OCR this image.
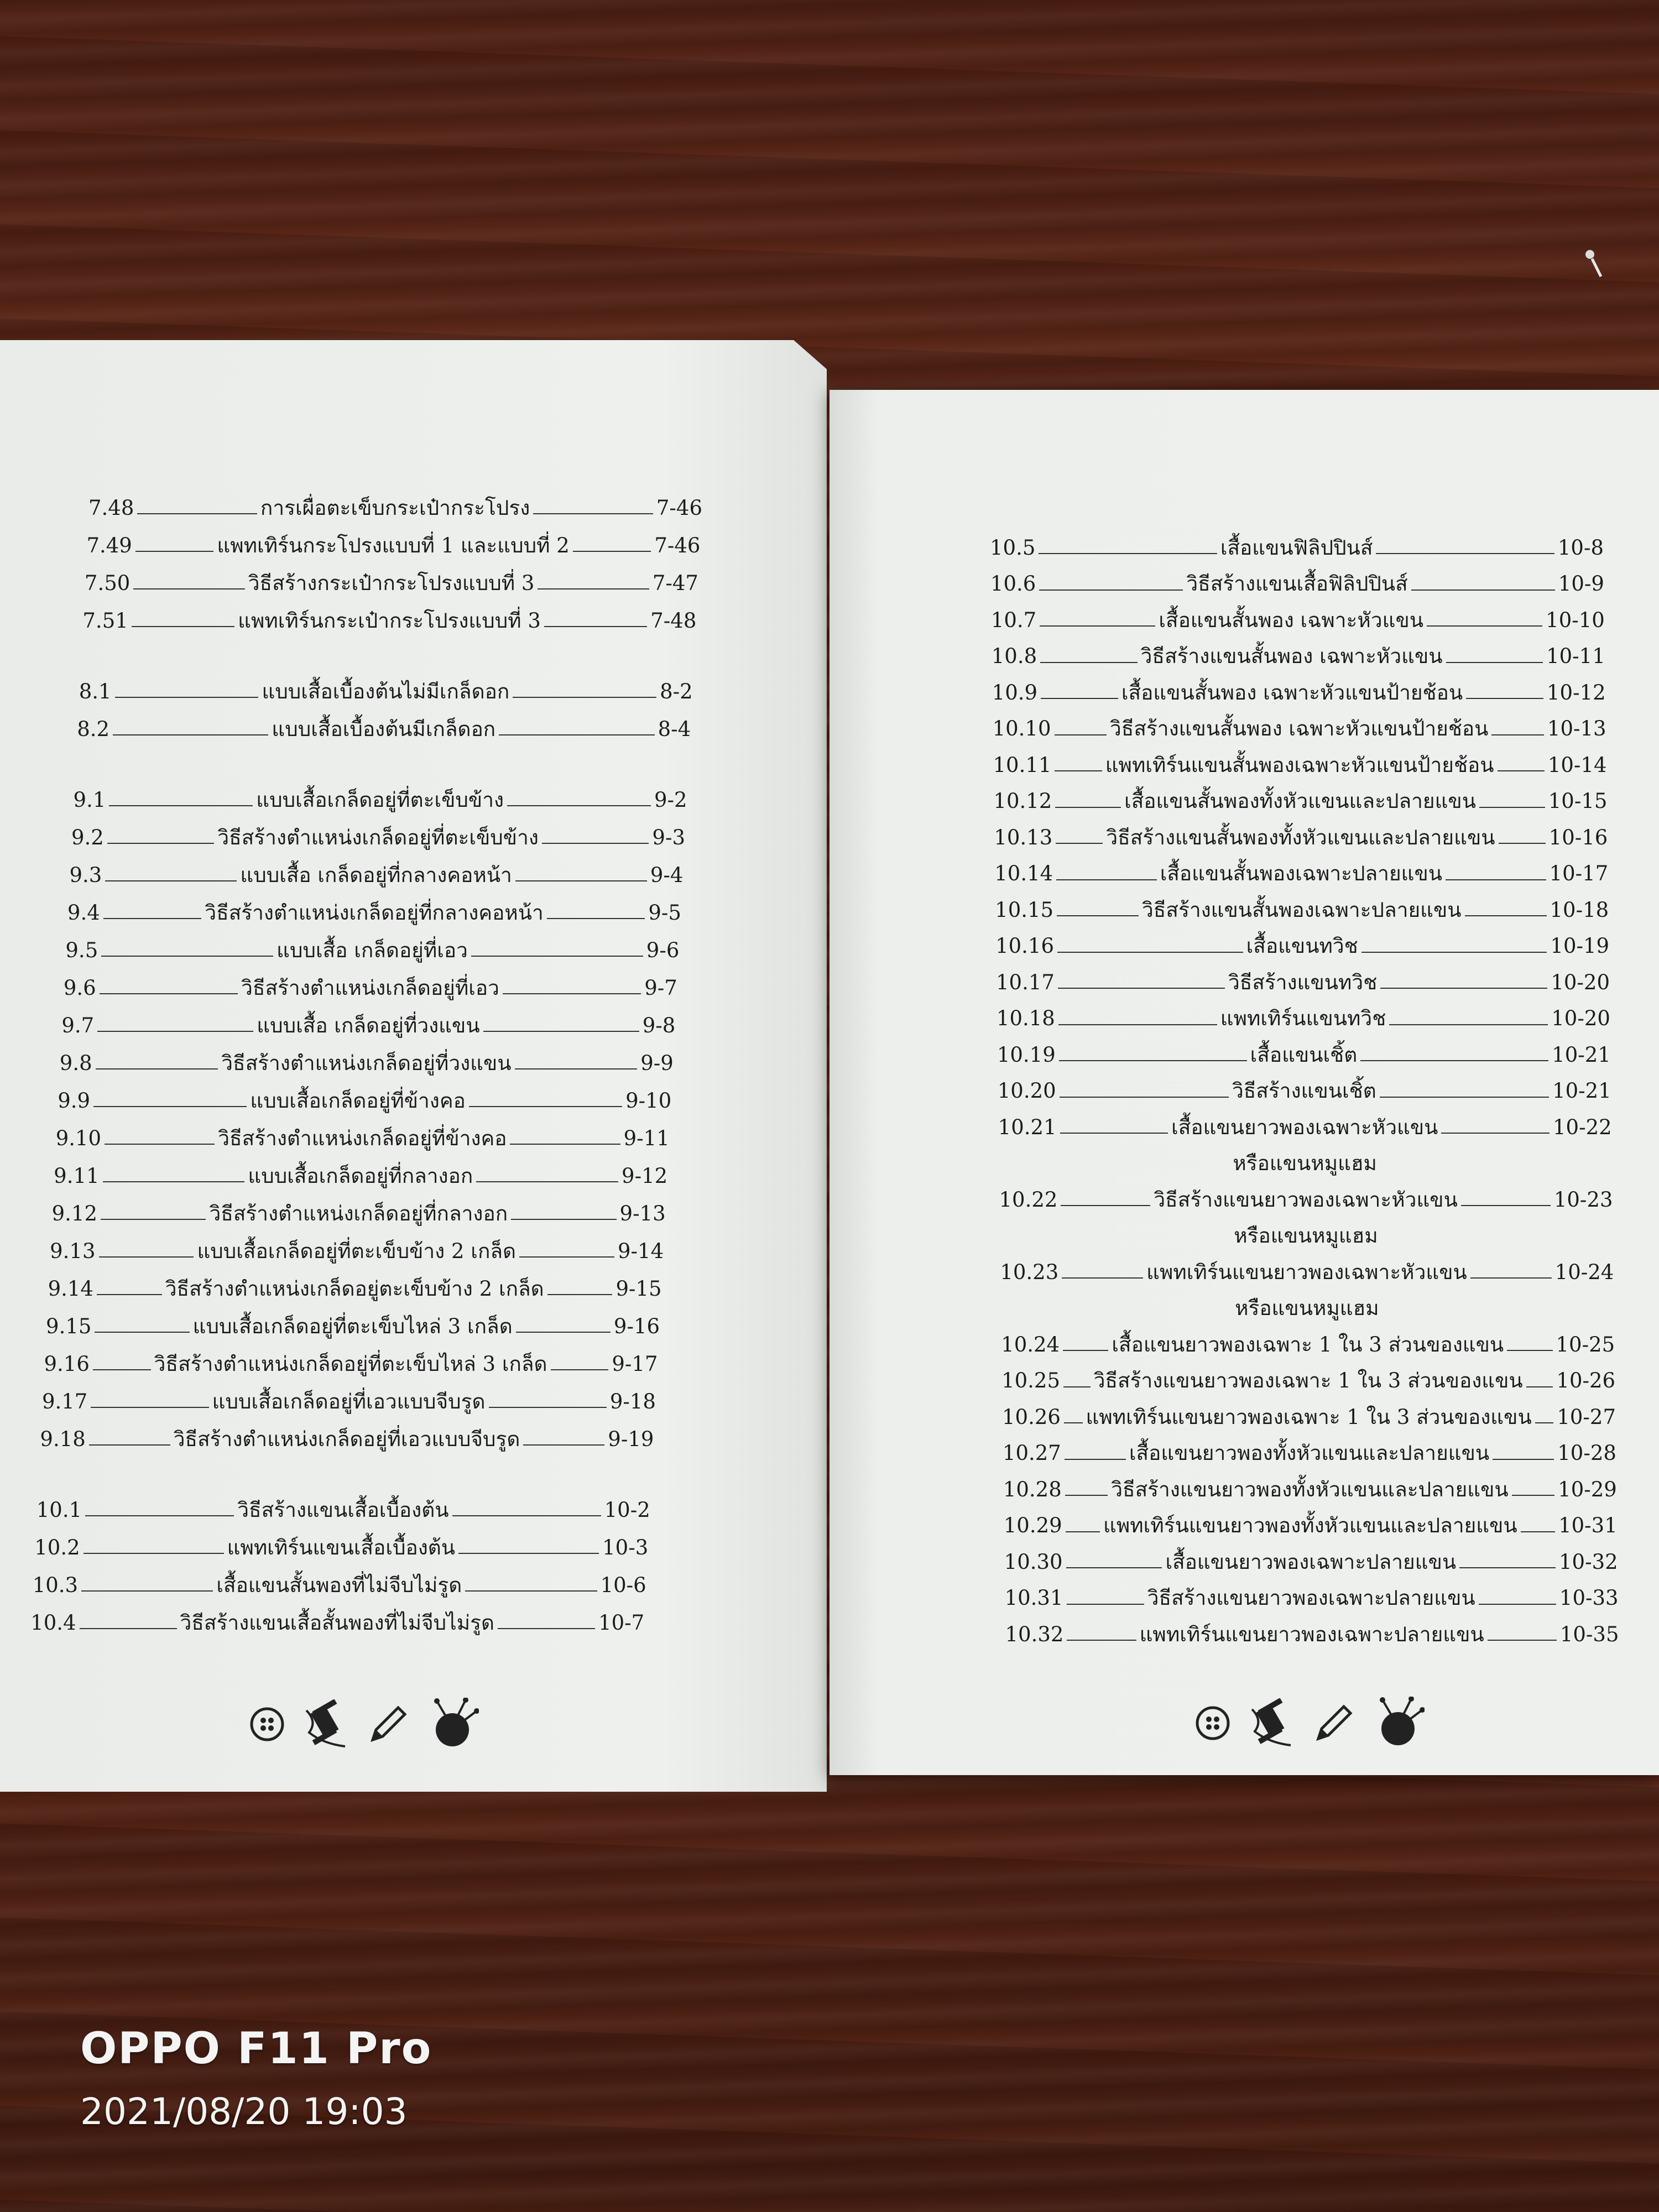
7.48	การเผื่อตะเข็บกระเป๋ากระโปรง	7-46
7.49	แพทเทิร์นกระโปรงแบบที่ 1 และแบบที่ 2	7-46
7.50	วิธีสร้างกระเป๋ากระโปรงแบบที่ 3	7-47
7.51	แพทเทิร์นกระเป๋ากระโปรงแบบที่ 3	7-48
8.1	แบบเสื้อเบื้องต้นไม่มีเกล็ดอก	8-2
8.2	แบบเสื้อเบื้องต้นมีเกล็ดอก	8-4
9.1	แบบเสื้อเกล็ดอยู่ที่ตะเข็บข้าง	9-2
9.2	วิธีสร้างตำแหน่งเกล็ดอยู่ที่ตะเข็บข้าง	9-3
9.3	แบบเสื้อ เกล็ดอยู่ที่กลางคอหน้า	9-4
9.4	วิธีสร้างตำแหน่งเกล็ดอยู่ที่กลางคอหน้า	9-5
9.5	แบบเสื้อ เกล็ดอยู่ที่เอว	9-6
9.6	วิธีสร้างตำแหน่งเกล็ดอยู่ที่เอว	9-7
9.7	แบบเสื้อ เกล็ดอยู่ที่วงแขน	9-8
9.8	วิธีสร้างตำแหน่งเกล็ดอยู่ที่วงแขน	9-9
9.9	แบบเสื้อเกล็ดอยู่ที่ข้างคอ	9-10
9.10	วิธีสร้างตำแหน่งเกล็ดอยู่ที่ข้างคอ	9-11
9.11	แบบเสื้อเกล็ดอยู่ที่กลางอก	9-12
9.12	วิธีสร้างตำแหน่งเกล็ดอยู่ที่กลางอก	9-13
9.13	แบบเสื้อเกล็ดอยู่ที่ตะเข็บข้าง 2 เกล็ด	9-14
9.14	วิธีสร้างตำแหน่งเกล็ดอยู่ตะเข็บข้าง 2 เกล็ด	9-15
9.15	แบบเสื้อเกล็ดอยู่ที่ตะเข็บไหล่ 3 เกล็ด	9-16
9.16	วิธีสร้างตำแหน่งเกล็ดอยู่ที่ตะเข็บไหล่ 3 เกล็ด	9-17
9.17	แบบเสื้อเกล็ดอยู่ที่เอวแบบจีบรูด	9-18
9.18	วิธีสร้างตำแหน่งเกล็ดอยู่ที่เอวแบบจีบรูด	9-19
10.1	วิธีสร้างแขนเสื้อเบื้องต้น	10-2
10.2	แพทเทิร์นแขนเสื้อเบื้องต้น	10-3
10.3	เสื้อแขนสั้นพองที่ไม่จีบไม่รูด	10-6
10.4	วิธีสร้างแขนเสื้อสั้นพองที่ไม่จีบไม่รูด	10-7
10.5	เสื้อแขนฟิลิปปินส์	10-8
10.6	วิธีสร้างแขนเสื้อฟิลิปปินส์	10-9
10.7	เสื้อแขนสั้นพอง เฉพาะหัวแขน	10-10
10.8	วิธีสร้างแขนสั้นพอง เฉพาะหัวแขน	10-11
10.9	เสื้อแขนสั้นพอง เฉพาะหัวแขนป้ายช้อน	10-12
10.10	วิธีสร้างแขนสั้นพอง เฉพาะหัวแขนป้ายช้อน	10-13
10.11	แพทเทิร์นแขนสั้นพองเฉพาะหัวแขนป้ายช้อน	10-14
10.12	เสื้อแขนสั้นพองทั้งหัวแขนและปลายแขน	10-15
10.13	วิธีสร้างแขนสั้นพองทั้งหัวแขนและปลายแขน	10-16
10.14	เสื้อแขนสั้นพองเฉพาะปลายแขน	10-17
10.15	วิธีสร้างแขนสั้นพองเฉพาะปลายแขน	10-18
10.16	เสื้อแขนทวิช	10-19
10.17	วิธีสร้างแขนทวิช	10-20
10.18	แพทเทิร์นแขนทวิช	10-20
10.19	เสื้อแขนเชิ้ต	10-21
10.20	วิธีสร้างแขนเชิ้ต	10-21
10.21	เสื้อแขนยาวพองเฉพาะหัวแขน	10-22
หรือแขนหมูแฮม
10.22	วิธีสร้างแขนยาวพองเฉพาะหัวแขน	10-23
หรือแขนหมูแฮม
10.23	แพทเทิร์นแขนยาวพองเฉพาะหัวแขน	10-24
หรือแขนหมูแฮม
10.24	เสื้อแขนยาวพองเฉพาะ 1 ใน 3 ส่วนของแขน	10-25
10.25 วิธีสร้างแขนยาวพองเฉพาะ 1 ใน 3 ส่วนของแขน 10-26
10.26 แพทเทิร์นแขนยาวพองเฉพาะ 1 ใน 3 ส่วนของแขน 10-27
10.27	เสื้อแขนยาวพองทั้งหัวแขนและปลายแขน	10-28
10.28 วิธีสร้างแขนยาวพองทั้งหัวแขนและปลายแขน 10-29
10.29 แพทเทิร์นแขนยาวพองทั้งหัวแขนและปลายแขน 10-31
10.30	เสื้อแขนยาวพองเฉพาะปลายแขน	10-32
10.31	วิธีสร้างแขนยาวพองเฉพาะปลายแขน	10-33
10.32	แพทเทิร์นแขนยาวพองเฉพาะปลายแขน	10-35
OPPO F11 Pro
2021/08/20 19:03
